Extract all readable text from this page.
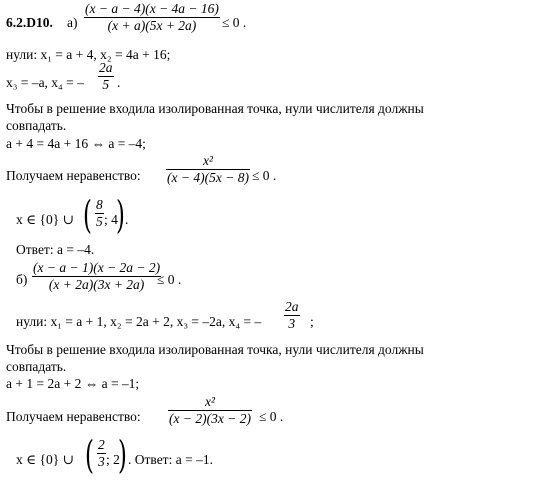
6.2.D10. а)
(x − a − 4)(x − 4a − 16)
(x + a)(5x + 2a)	≤ 0 .
нули: x₁ = a + 4, x₂ = 4a + 16;
x₃ = –a, x₄ = –
2a
5 .
Чтобы в решение входила изолированная точка, нули числителя должны
совпадать.
a + 4 = 4a + 16 ⇔ a = –4;
Получаем неравенство:
x²
(x − 4)(5x − 8) ≤ 0 .
x ∈ {0} ∪ ( 8
5 ; 4
) .
Ответ: a = –4.
б)
(x − a − 1)(x − 2a − 2)
(x + 2a)(3x + 2a) ≤ 0 .
нули: x₁ = a + 1, x₂ = 2a + 2, x₃ = –2a, x₄ = –
2a
3	;
Чтобы в решение входила изолированная точка, нули числителя должны
совпадать.
a + 1 = 2a + 2 ⇔ a = –1;
Получаем неравенство:
x²
(x − 2)(3x − 2) ≤ 0 .
x ∈ {0} ∪ ( 2
3 ; 2
) . Ответ: a = –1.
